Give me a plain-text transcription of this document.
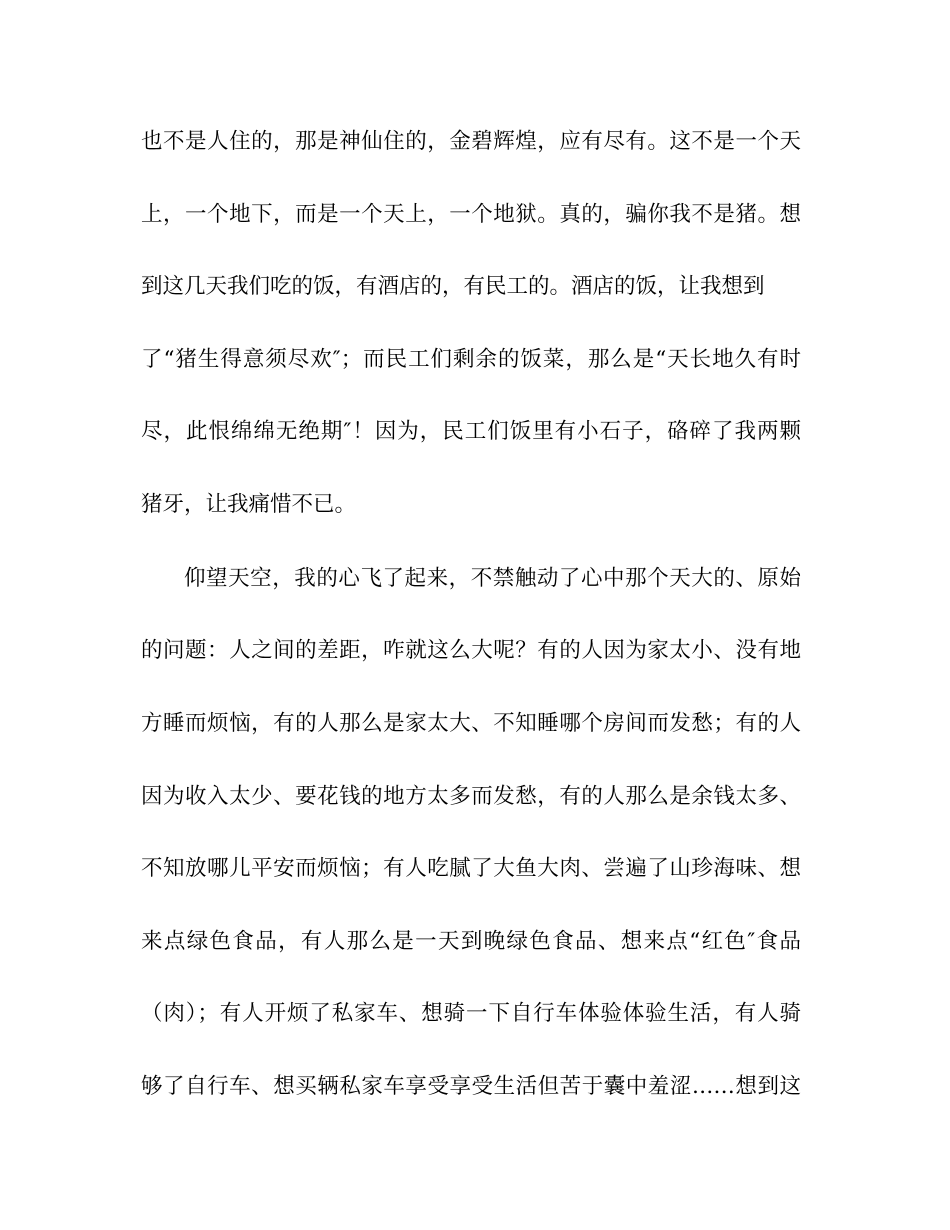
也不是人住的，那是神仙住的，金碧辉煌，应有尽有。这不是一个天
上，一个地下，而是一个天上，一个地狱。真的，骗你我不是猪。想
到这几天我们吃的饭，有酒店的，有民工的。酒店的饭，让我想到
了“猪生得意须尽欢″；而民工们剩余的饭菜，那么是“天长地久有时
尽，此恨绵绵无绝期″！因为，民工们饭里有小石子，硌碎了我两颗
猪牙，让我痛惜不已。
仰望天空，我的心飞了起来，不禁触动了心中那个天大的、原始
的问题：人之间的差距，咋就这么大呢？有的人因为家太小、没有地
方睡而烦恼，有的人那么是家太大、不知睡哪个房间而发愁；有的人
因为收入太少、要花钱的地方太多而发愁，有的人那么是余钱太多、
不知放哪儿平安而烦恼；有人吃腻了大鱼大肉、尝遍了山珍海味、想
来点绿色食品，有人那么是一天到晚绿色食品、想来点“红色″食品
（肉）；有人开烦了私家车、想骑一下自行车体验体验生活，有人骑
够了自行车、想买辆私家车享受享受生活但苦于囊中羞涩……想到这
